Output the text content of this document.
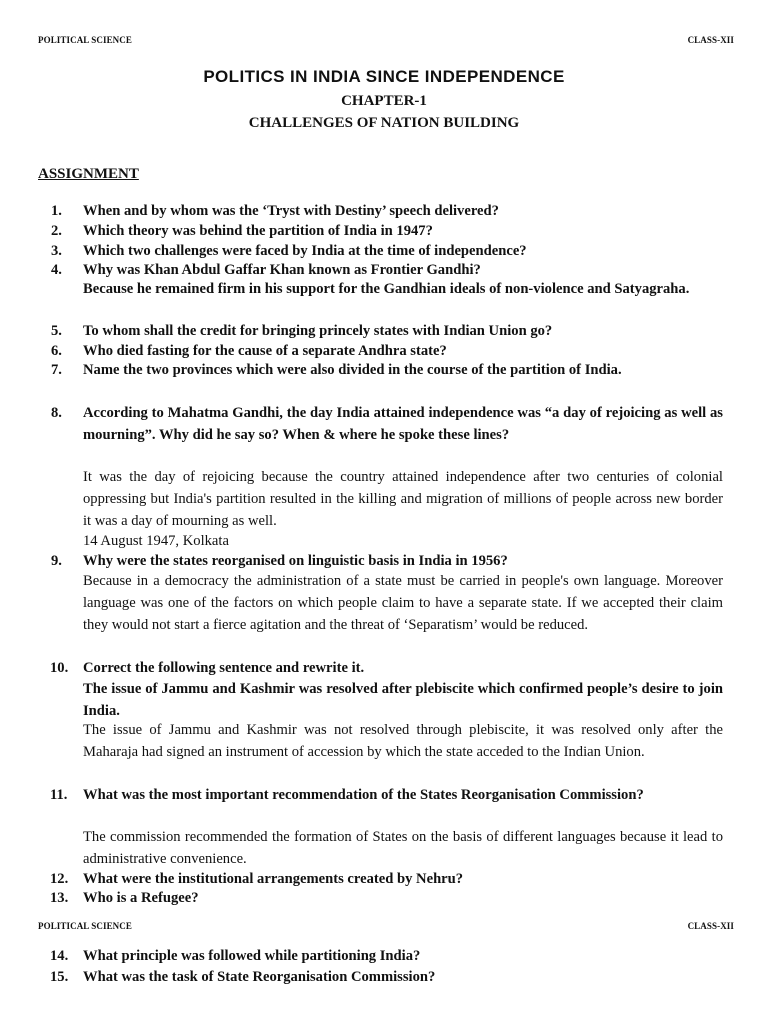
POLITICAL SCIENCE	CLASS-XII
POLITICS IN INDIA SINCE INDEPENDENCE
CHAPTER-1
CHALLENGES OF NATION BUILDING
ASSIGNMENT
1. When and by whom was the ‘Tryst with Destiny’ speech delivered?
2. Which theory was behind the partition of India in 1947?
3. Which two challenges were faced by India at the time of independence?
4. Why was Khan Abdul Gaffar Khan known as Frontier Gandhi?
Because he remained firm in his support for the Gandhian ideals of non-violence and Satyagraha.
5. To whom shall the credit for bringing princely states with Indian Union go?
6. Who died fasting for the cause of a separate Andhra state?
7. Name the two provinces which were also divided in the course of the partition of India.
8. According to Mahatma Gandhi, the day India attained independence was “a day of rejoicing as well as mourning”. Why did he say so? When & where he spoke these lines?
It was the day of rejoicing because the country attained independence after two centuries of colonial oppressing but India's partition resulted in the killing and migration of millions of people across new border it was a day of mourning as well.
14 August 1947, Kolkata
9. Why were the states reorganised on linguistic basis in India in 1956?
Because in a democracy the administration of a state must be carried in people's own language. Moreover language was one of the factors on which people claim to have a separate state. If we accepted their claim they would not start a fierce agitation and the threat of ‘Separatism’ would be reduced.
10. Correct the following sentence and rewrite it.
The issue of Jammu and Kashmir was resolved after plebiscite which confirmed people’s desire to join India.
The issue of Jammu and Kashmir was not resolved through plebiscite, it was resolved only after the Maharaja had signed an instrument of accession by which the state acceded to the Indian Union.
11. What was the most important recommendation of the States Reorganisation Commission?
The commission recommended the formation of States on the basis of different languages because it lead to administrative convenience.
12. What were the institutional arrangements created by Nehru?
13. Who is a Refugee?
POLITICAL SCIENCE	CLASS-XII
14. What principle was followed while partitioning India?
15. What was the task of State Reorganisation Commission?
